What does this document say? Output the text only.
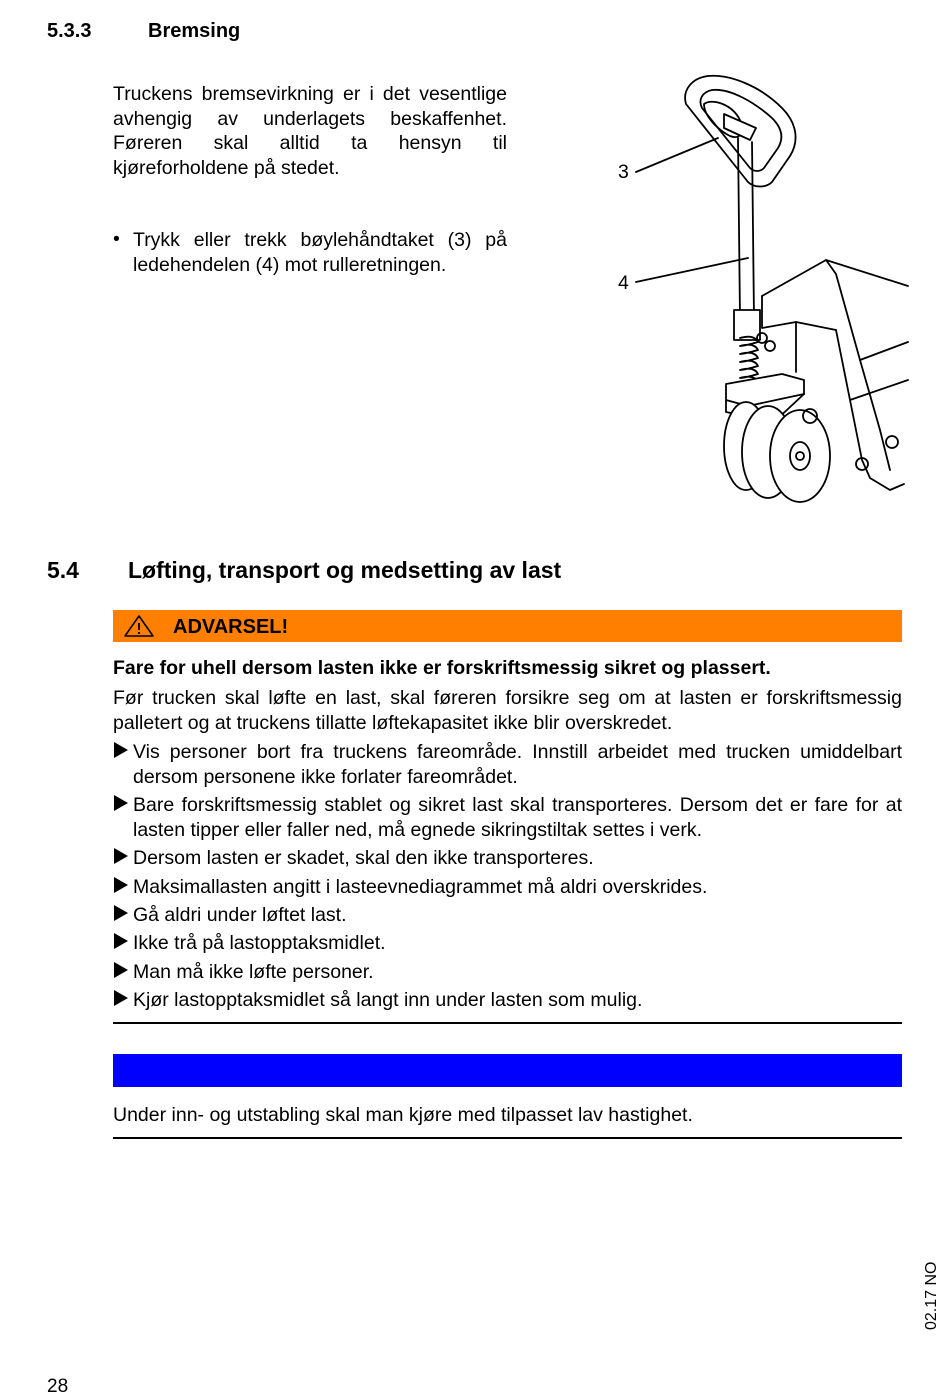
5.3.3	Bremsing
Truckens bremsevirkning er i det vesentlige avhengig av underlagets beskaffenhet. Føreren skal alltid ta hensyn til kjøreforholdene på stedet.
• Trykk eller trekk bøylehåndtaket (3) på ledehendelen (4) mot rulleretningen.
3
4
5.4 Løfting, transport og medsetting av last
ADVARSEL!
Fare for uhell dersom lasten ikke er forskriftsmessig sikret og plassert.
Før trucken skal løfte en last, skal føreren forsikre seg om at lasten er forskriftsmessig palletert og at truckens tillatte løftekapasitet ikke blir overskredet.
Vis personer bort fra truckens fareområde. Innstill arbeidet med trucken umiddelbart dersom personene ikke forlater fareområdet.
Bare forskriftsmessig stablet og sikret last skal transporteres. Dersom det er fare for at lasten tipper eller faller ned, må egnede sikringstiltak settes i verk.
Dersom lasten er skadet, skal den ikke transporteres.
Maksimallasten angitt i lasteevnediagrammet må aldri overskrides.
Gå aldri under løftet last.
Ikke trå på lastopptaksmidlet.
Man må ikke løfte personer.
Kjør lastopptaksmidlet så langt inn under lasten som mulig.
Under inn- og utstabling skal man kjøre med tilpasset lav hastighet.
02.17 NO
28
